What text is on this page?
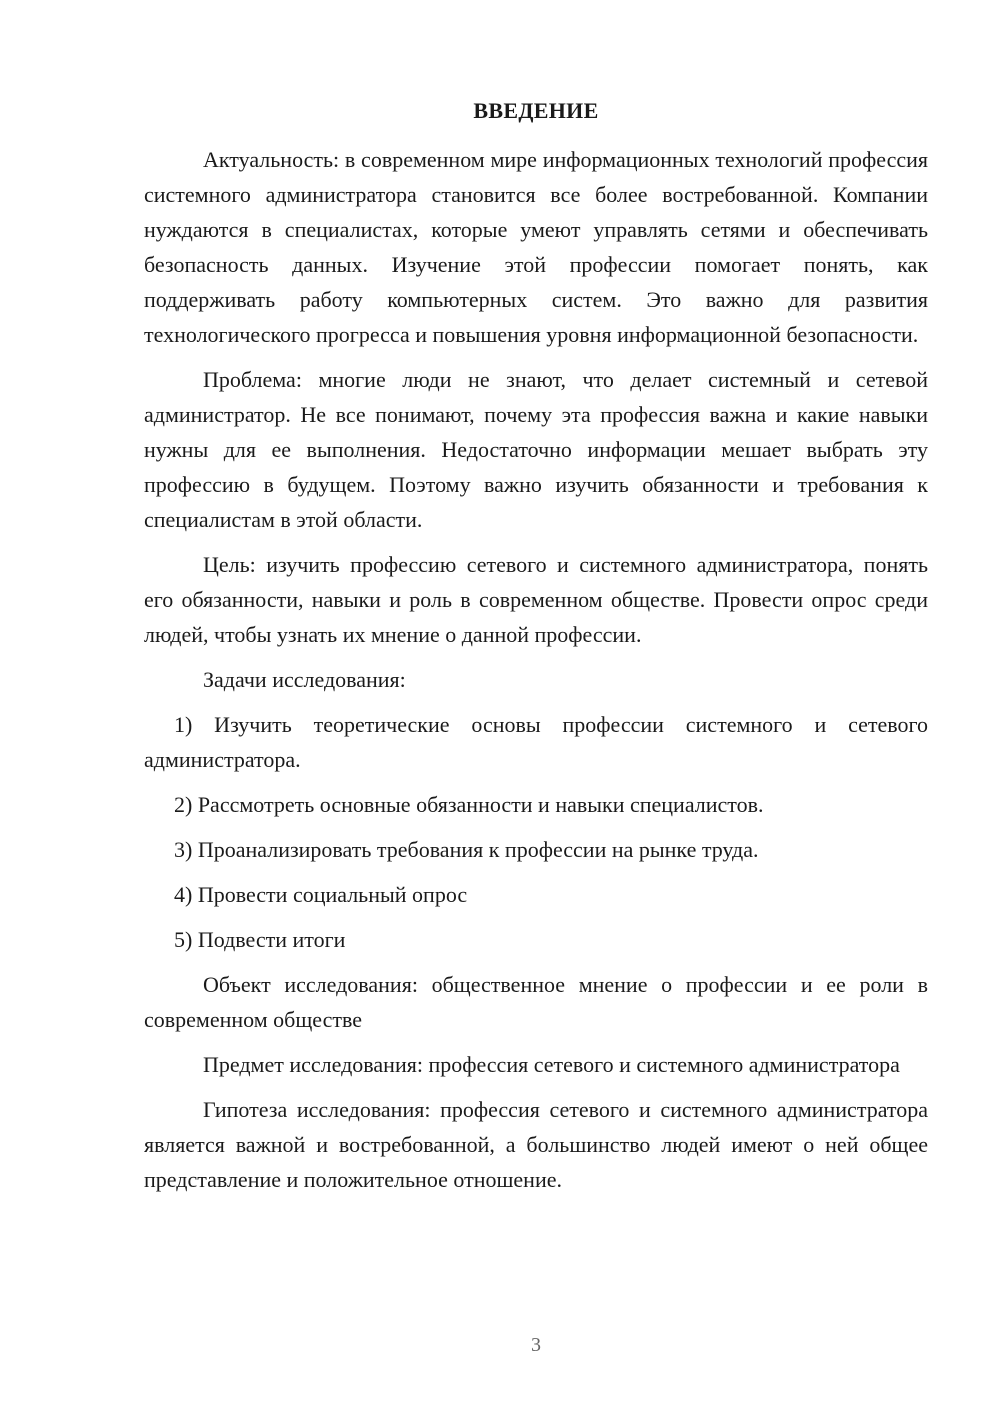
ВВЕДЕНИЕ

Актуальность: в современном мире информационных технологий профессия системного администратора становится все более востребованной. Компании нуждаются в специалистах, которые умеют управлять сетями и обеспечивать безопасность данных. Изучение этой профессии помогает понять, как поддерживать работу компьютерных систем. Это важно для развития технологического прогресса и повышения уровня информационной безопасности.

Проблема: многие люди не знают, что делает системный и сетевой администратор. Не все понимают, почему эта профессия важна и какие навыки нужны для ее выполнения. Недостаточно информации мешает выбрать эту профессию в будущем. Поэтому важно изучить обязанности и требования к специалистам в этой области.

Цель: изучить профессию сетевого и системного администратора, понять его обязанности, навыки и роль в современном обществе. Провести опрос среди людей, чтобы узнать их мнение о данной профессии.

Задачи исследования:

1) Изучить теоретические основы профессии системного и сетевого администратора.

2) Рассмотреть основные обязанности и навыки специалистов.

3) Проанализировать требования к профессии на рынке труда.

4) Провести социальный опрос

5) Подвести итоги

Объект исследования: общественное мнение о профессии и ее роли в современном обществе

Предмет исследования: профессия сетевого и системного администратора

Гипотеза исследования: профессия сетевого и системного администратора является важной и востребованной, а большинство людей имеют о ней общее представление и положительное отношение.

3
